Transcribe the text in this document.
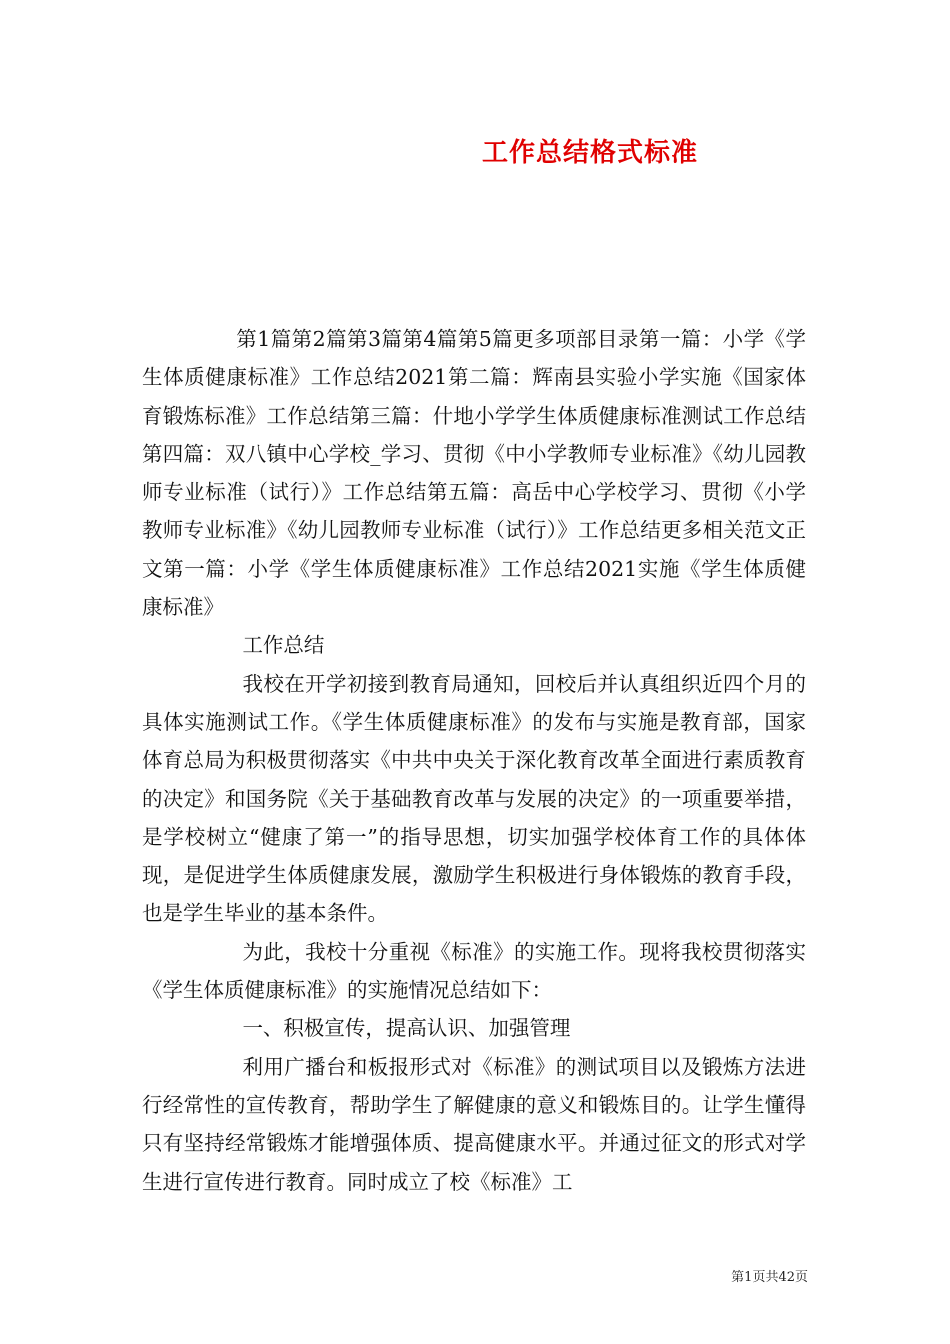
工作总结格式标准

第1篇第2篇第3篇第4篇第5篇更多项部目录第一篇：小学《学生体质健康标准》工作总结2021第二篇：辉南县实验小学实施《国家体育锻炼标准》工作总结第三篇：什地小学学生体质健康标准测试工作总结第四篇：双八镇中心学校_学习、贯彻《中小学教师专业标准》《幼儿园教师专业标准（试行）》工作总结第五篇：高岳中心学校学习、贯彻《小学教师专业标准》《幼儿园教师专业标准（试行）》工作总结更多相关范文正文第一篇：小学《学生体质健康标准》工作总结2021实施《学生体质健康标准》

工作总结

我校在开学初接到教育局通知，回校后并认真组织近四个月的具体实施测试工作。《学生体质健康标准》的发布与实施是教育部，国家体育总局为积极贯彻落实《中共中央关于深化教育改革全面进行素质教育的决定》和国务院《关于基础教育改革与发展的决定》的一项重要举措，是学校树立“健康了第一”的指导思想，切实加强学校体育工作的具体体现，是促进学生体质健康发展，激励学生积极进行身体锻炼的教育手段，也是学生毕业的基本条件。

为此，我校十分重视《标准》的实施工作。现将我校贯彻落实《学生体质健康标准》的实施情况总结如下：

一、积极宣传，提高认识、加强管理

利用广播台和板报形式对《标准》的测试项目以及锻炼方法进行经常性的宣传教育，帮助学生了解健康的意义和锻炼目的。让学生懂得只有坚持经常锻炼才能增强体质、提高健康水平。并通过征文的形式对学生进行宣传进行教育。同时成立了校《标准》工

第1页共42页
